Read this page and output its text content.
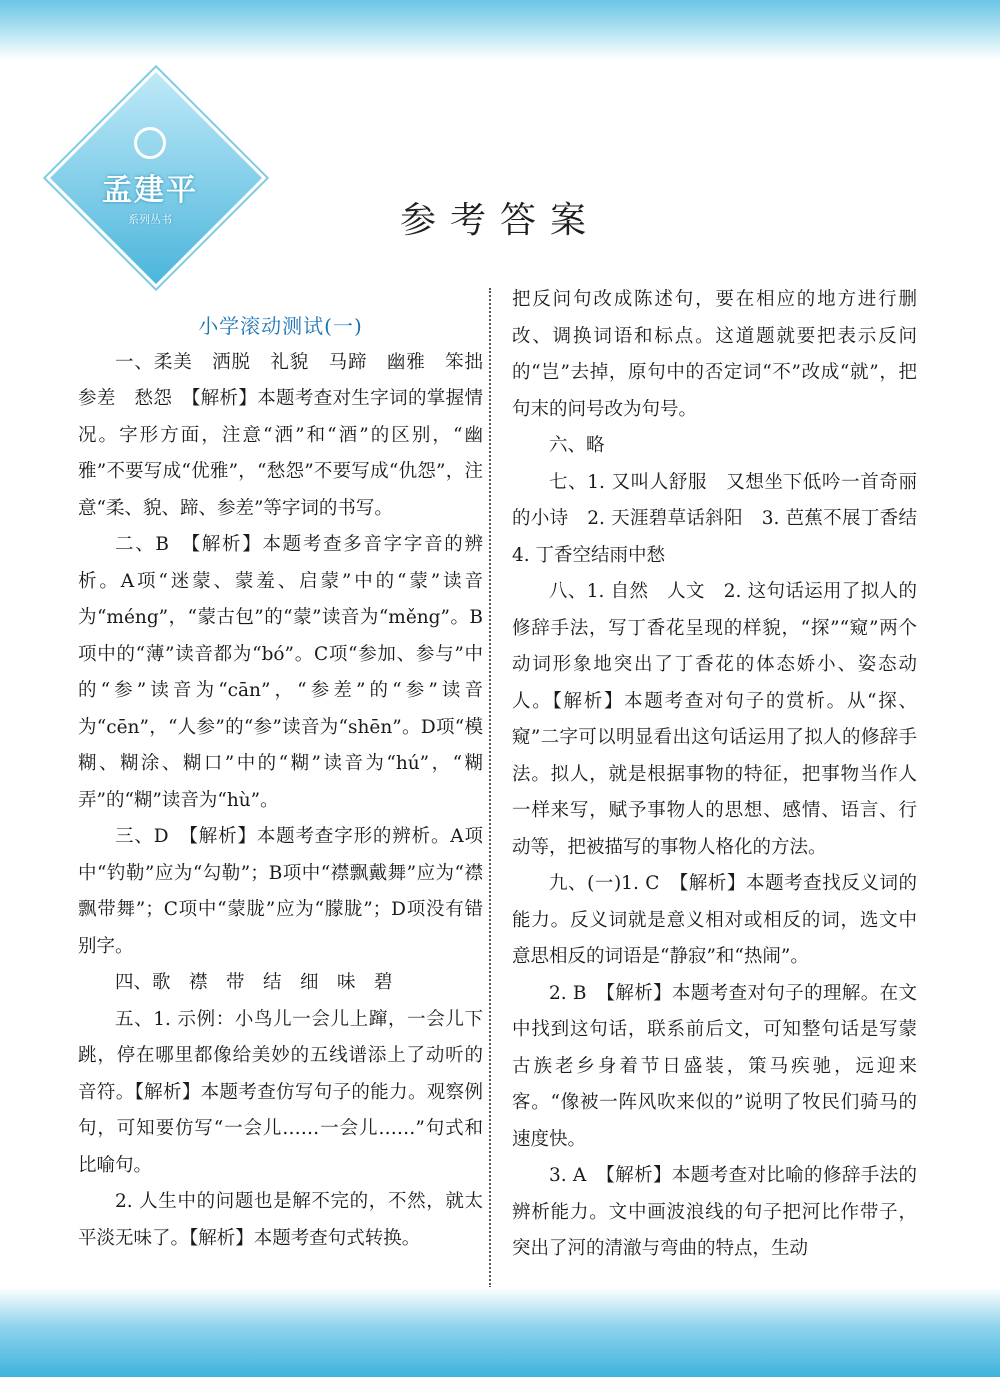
孟建平
系列丛书	参考答案

小学滚动测试(一)

一、柔美　洒脱　礼貌　马蹄　幽雅　笨拙　参差　愁怨　【解析】本题考查对生字词的掌握情况。字形方面，注意“洒”和“酒”的区别，“幽雅”不要写成“优雅”，“愁怨”不要写成“仇怨”，注意“柔、貌、蹄、参差”等字词的书写。

二、B　【解析】本题考查多音字字音的辨析。A项“迷蒙、蒙羞、启蒙”中的“蒙”读音为“méng”，“蒙古包”的“蒙”读音为“měng”。B项中的“薄”读音都为“bó”。C项“参加、参与”中的“参”读音为“cān”，“参差”的“参”读音为“cēn”，“人参”的“参”读音为“shēn”。D项“模糊、糊涂、糊口”中的“糊”读音为“hú”，“糊弄”的“糊”读音为“hù”。

三、D　【解析】本题考查字形的辨析。A项中“钓勒”应为“勾勒”；B项中“襟飘戴舞”应为“襟飘带舞”；C项中“蒙胧”应为“朦胧”；D项没有错别字。

四、歌　襟　带　结　细　味　碧

五、1. 示例：小鸟儿一会儿上蹿，一会儿下跳，停在哪里都像给美妙的五线谱添上了动听的音符。【解析】本题考查仿写句子的能力。观察例句，可知要仿写“一会儿……一会儿……”句式和比喻句。

2. 人生中的问题也是解不完的，不然，就太平淡无味了。【解析】本题考查句式转换。

把反问句改成陈述句，要在相应的地方进行删改、调换词语和标点。这道题就要把表示反问的“岂”去掉，原句中的否定词“不”改成“就”，把句末的问号改为句号。

六、略

七、1. 又叫人舒服　又想坐下低吟一首奇丽的小诗　2. 天涯碧草话斜阳　3. 芭蕉不展丁香结　4. 丁香空结雨中愁

八、1. 自然　人文　2. 这句话运用了拟人的修辞手法，写丁香花呈现的样貌，“探”“窥”两个动词形象地突出了丁香花的体态娇小、姿态动人。【解析】本题考查对句子的赏析。从“探、窥”二字可以明显看出这句话运用了拟人的修辞手法。拟人，就是根据事物的特征，把事物当作人一样来写，赋予事物人的思想、感情、语言、行动等，把被描写的事物人格化的方法。

九、(一)1. C　【解析】本题考查找反义词的能力。反义词就是意义相对或相反的词，选文中意思相反的词语是“静寂”和“热闹”。

2. B　【解析】本题考查对句子的理解。在文中找到这句话，联系前后文，可知整句话是写蒙古族老乡身着节日盛装，策马疾驰，远迎来客。“像被一阵风吹来似的”说明了牧民们骑马的速度快。

3. A　【解析】本题考查对比喻的修辞手法的辨析能力。文中画波浪线的句子把河比作带子，突出了河的清澈与弯曲的特点，生动
